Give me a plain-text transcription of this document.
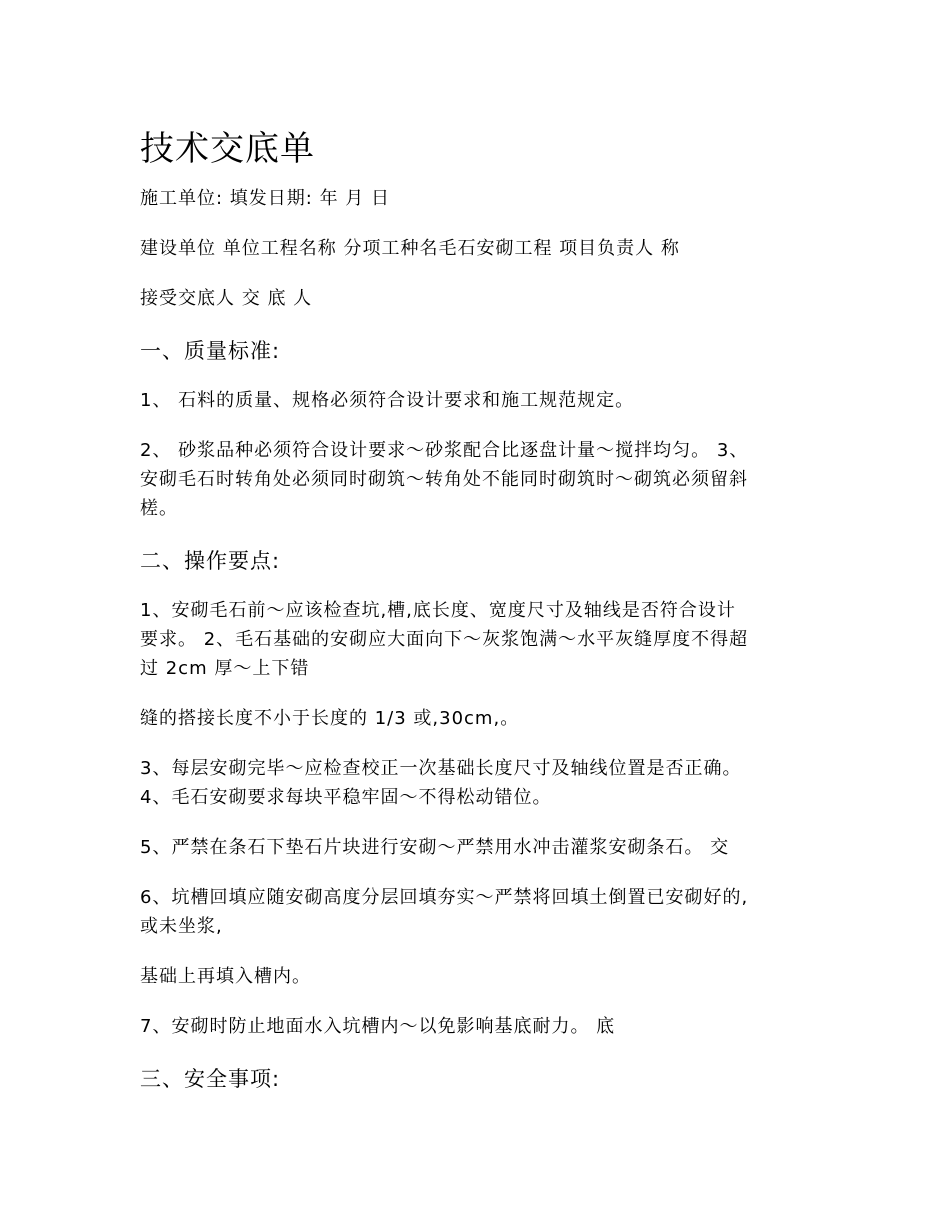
技术交底单
施工单位: 填发日期: 年 月 日
建设单位 单位工程名称 分项工种名毛石安砌工程 项目负责人 称
接受交底人 交 底 人
一、质量标准:
1、 石料的质量、规格必须符合设计要求和施工规范规定。
2、 砂浆品种必须符合设计要求～砂浆配合比逐盘计量～搅拌均匀。 3、
安砌毛石时转角处必须同时砌筑～转角处不能同时砌筑时～砌筑必须留斜
槎。
二、操作要点:
1、安砌毛石前～应该检查坑,槽,底长度、宽度尺寸及轴线是否符合设计
要求。 2、毛石基础的安砌应大面向下～灰浆饱满～水平灰缝厚度不得超
过 2cm 厚～上下错
缝的搭接长度不小于长度的 1/3 或,30cm,。
3、每层安砌完毕～应检查校正一次基础长度尺寸及轴线位置是否正确。
4、毛石安砌要求每块平稳牢固～不得松动错位。
5、严禁在条石下垫石片块进行安砌～严禁用水冲击灌浆安砌条石。 交
6、坑槽回填应随安砌高度分层回填夯实～严禁将回填土倒置已安砌好的,
或未坐浆,
基础上再填入槽内。
7、安砌时防止地面水入坑槽内～以免影响基底耐力。 底
三、安全事项:
